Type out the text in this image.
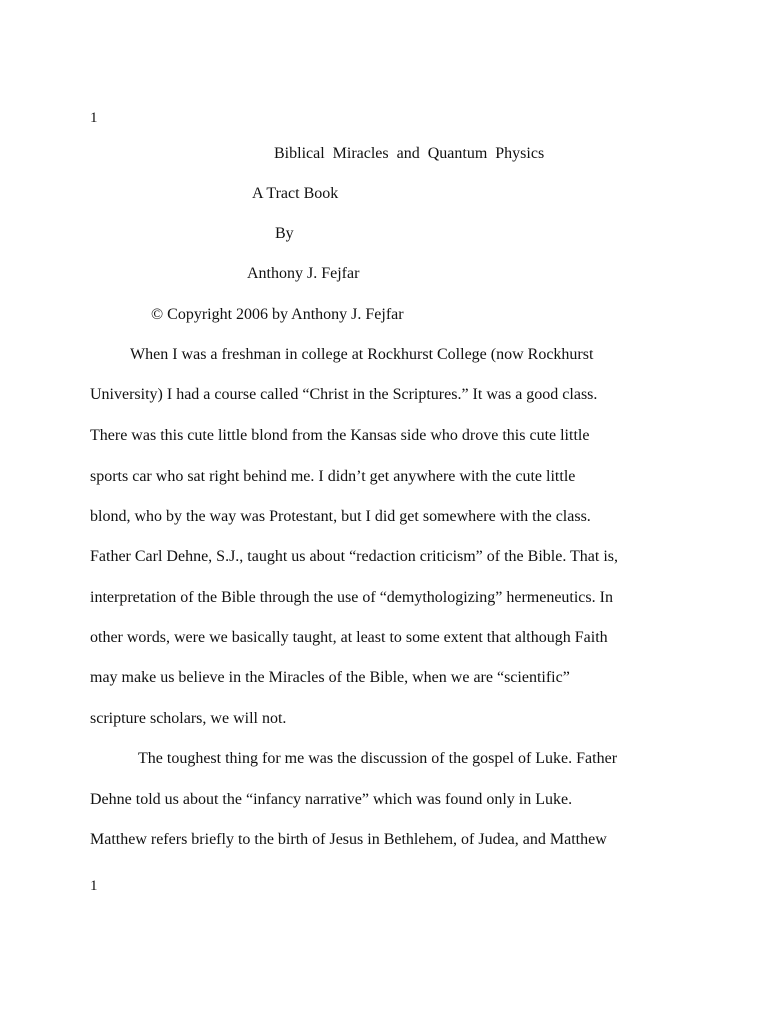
1
Biblical Miracles and Quantum Physics
A Tract Book
By
Anthony J. Fejfar
© Copyright 2006 by Anthony J. Fejfar
When I was a freshman in college at Rockhurst College (now Rockhurst
University) I had a course called “Christ in the Scriptures.” It was a good class.
There was this cute little blond from the Kansas side who drove this cute little
sports car who sat right behind me. I didn’t get anywhere with the cute little
blond, who by the way was Protestant, but I did get somewhere with the class.
Father Carl Dehne, S.J., taught us about “redaction criticism” of the Bible. That is,
interpretation of the Bible through the use of “demythologizing” hermeneutics. In
other words, were we basically taught, at least to some extent that although Faith
may make us believe in the Miracles of the Bible, when we are “scientific”
scripture scholars, we will not.
The toughest thing for me was the discussion of the gospel of Luke. Father
Dehne told us about the “infancy narrative” which was found only in Luke.
Matthew refers briefly to the birth of Jesus in Bethlehem, of Judea, and Matthew
1
